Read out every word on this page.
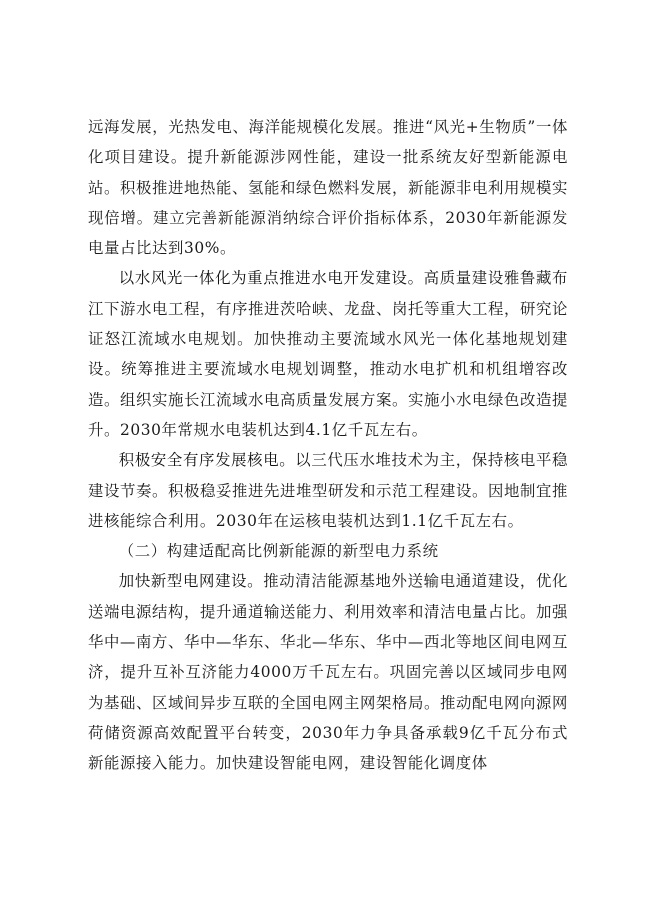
远海发展，光热发电、海洋能规模化发展。推进“风光+生物质”一体化项目建设。提升新能源涉网性能，建设一批系统友好型新能源电站。积极推进地热能、氢能和绿色燃料发展，新能源非电利用规模实现倍增。建立完善新能源消纳综合评价指标体系，2030年新能源发电量占比达到30%。

以水风光一体化为重点推进水电开发建设。高质量建设雅鲁藏布江下游水电工程，有序推进茨哈峡、龙盘、岗托等重大工程，研究论证怒江流域水电规划。加快推动主要流域水风光一体化基地规划建设。统筹推进主要流域水电规划调整，推动水电扩机和机组增容改造。组织实施长江流域水电高质量发展方案。实施小水电绿色改造提升。2030年常规水电装机达到4.1亿千瓦左右。

积极安全有序发展核电。以三代压水堆技术为主，保持核电平稳建设节奏。积极稳妥推进先进堆型研发和示范工程建设。因地制宜推进核能综合利用。2030年在运核电装机达到1.1亿千瓦左右。

（二）构建适配高比例新能源的新型电力系统

加快新型电网建设。推动清洁能源基地外送输电通道建设，优化送端电源结构，提升通道输送能力、利用效率和清洁电量占比。加强华中—南方、华中—华东、华北—华东、华中—西北等地区间电网互济，提升互补互济能力4000万千瓦左右。巩固完善以区域同步电网为基础、区域间异步互联的全国电网主网架格局。推动配电网向源网荷储资源高效配置平台转变，2030年力争具备承载9亿千瓦分布式新能源接入能力。加快建设智能电网，建设智能化调度体
